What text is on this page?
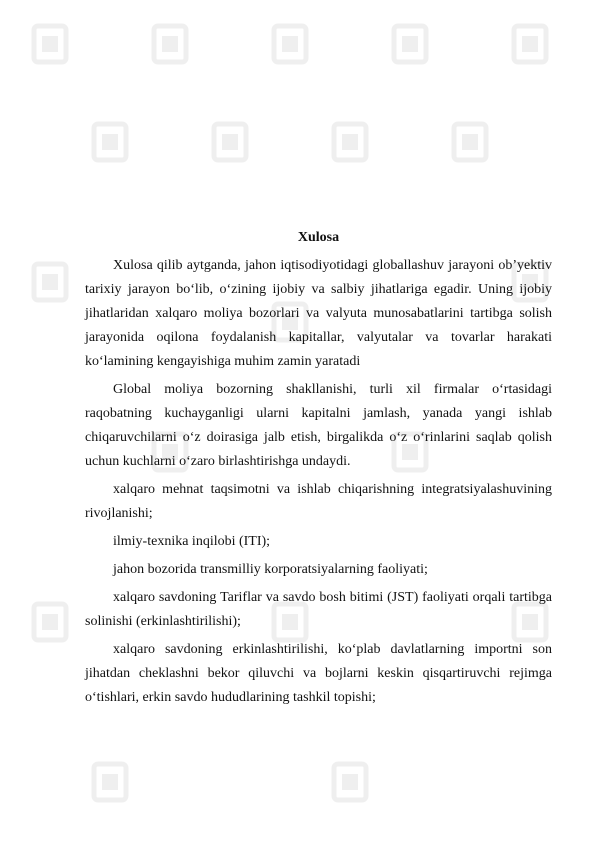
Xulosa

Xulosa qilib aytganda, jahon iqtisodiyotidagi globallashuv jarayoni ob’yektiv tarixiy jarayon bo‘lib, o‘zining ijobiy va salbiy jihatlariga egadir. Uning ijobiy jihatlaridan xalqaro moliya bozorlari va valyuta munosabatlarini tartibga solish jarayonida oqilona foydalanish kapitallar, valyutalar va tovarlar harakati ko‘lamining kengayishiga muhim zamin yaratadi

Global moliya bozorning shakllanishi, turli xil firmalar o‘rtasidagi raqobatning kuchayganligi ularni kapitalni jamlash, yanada yangi ishlab chiqaruvchilarni o‘z doirasiga jalb etish, birgalikda o‘z o‘rinlarini saqlab qolish uchun kuchlarni o‘zaro birlashtirishga undaydi.

xalqaro mehnat taqsimotni va ishlab chiqarishning integratsiyalashuvining rivojlanishi;

ilmiy-texnika inqilobi (ITI);

jahon bozorida transmilliy korporatsiyalarning faoliyati;

xalqaro savdoning Tariflar va savdo bosh bitimi (JST) faoliyati orqali tartibga solinishi (erkinlashtirilishi);

xalqaro savdoning erkinlashtirilishi, ko‘plab davlatlarning importni son jihatdan cheklashni bekor qiluvchi va bojlarni keskin qisqartiruvchi rejimga o‘tishlari, erkin savdo hududlarining tashkil topishi;
